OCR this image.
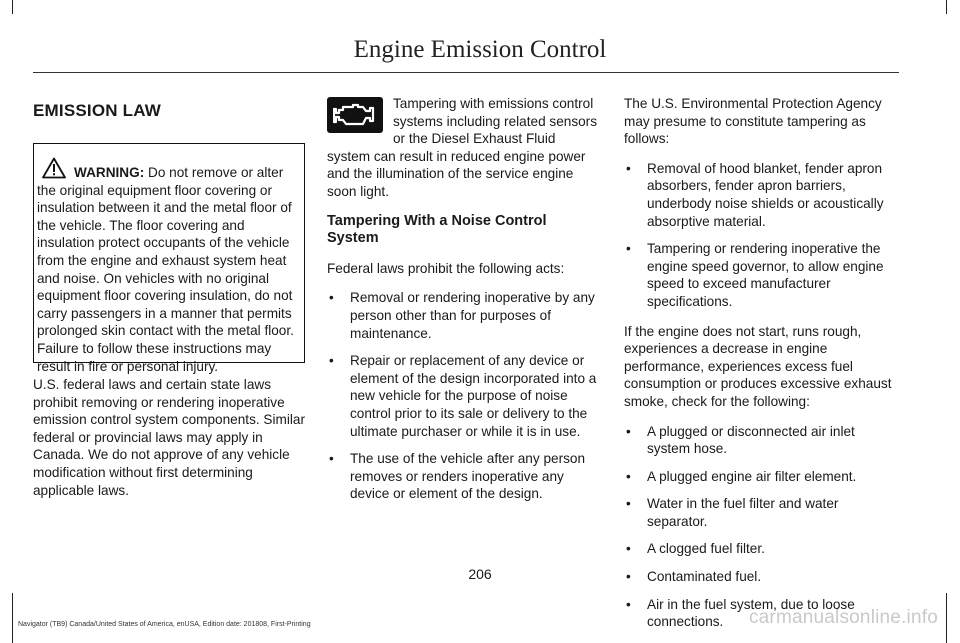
Engine Emission Control
EMISSION LAW
WARNING: Do not remove or alter the original equipment floor covering or insulation between it and the metal floor of the vehicle. The floor covering and insulation protect occupants of the vehicle from the engine and exhaust system heat and noise. On vehicles with no original equipment floor covering insulation, do not carry passengers in a manner that permits prolonged skin contact with the metal floor. Failure to follow these instructions may result in fire or personal injury.

U.S. federal laws and certain state laws prohibit removing or rendering inoperative emission control system components. Similar federal or provincial laws may apply in Canada. We do not approve of any vehicle modification without first determining applicable laws.

Tampering with emissions control systems including related sensors or the Diesel Exhaust Fluid system can result in reduced engine power and the illumination of the service engine soon light.

Tampering With a Noise Control System

Federal laws prohibit the following acts:

• Removal or rendering inoperative by any person other than for purposes of maintenance.
• Repair or replacement of any device or element of the design incorporated into a new vehicle for the purpose of noise control prior to its sale or delivery to the ultimate purchaser or while it is in use.
• The use of the vehicle after any person removes or renders inoperative any device or element of the design.

The U.S. Environmental Protection Agency may presume to constitute tampering as follows:

• Removal of hood blanket, fender apron absorbers, fender apron barriers, underbody noise shields or acoustically absorptive material.
• Tampering or rendering inoperative the engine speed governor, to allow engine speed to exceed manufacturer specifications.

If the engine does not start, runs rough, experiences a decrease in engine performance, experiences excess fuel consumption or produces excessive exhaust smoke, check for the following:

• A plugged or disconnected air inlet system hose.
• A plugged engine air filter element.
• Water in the fuel filter and water separator.
• A clogged fuel filter.
• Contaminated fuel.
• Air in the fuel system, due to loose connections.
206
Navigator (TB9) Canada/United States of America, enUSA, Edition date: 201808, First-Printing	carmanualsonline.info
